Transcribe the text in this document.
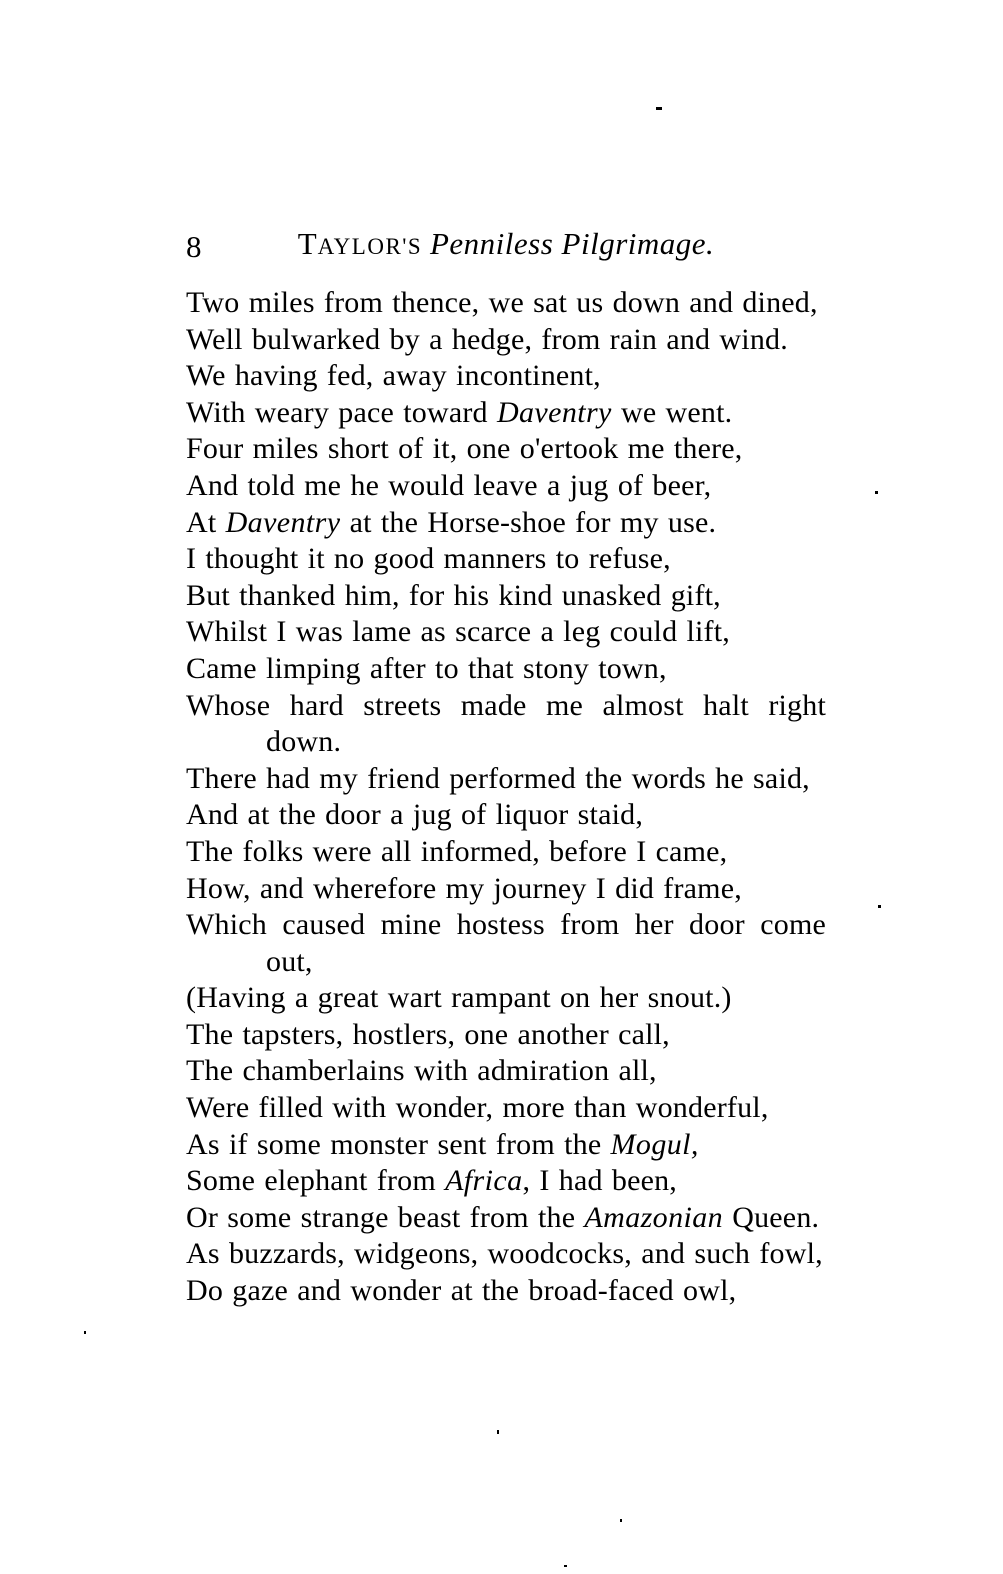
8	TAYLOR'S Penniless Pilgrimage.
Two miles from thence, we sat us down and dined,
Well bulwarked by a hedge, from rain and wind.
We having fed, away incontinent,
With weary pace toward Daventry we went.
Four miles short of it, one o'ertook me there,
And told me he would leave a jug of beer,
At Daventry at the Horse-shoe for my use.
I thought it no good manners to refuse,
But thanked him, for his kind unasked gift,
Whilst I was lame as scarce a leg could lift,
Came limping after to that stony town,
Whose hard streets made me almost halt right
down.
There had my friend performed the words he said,
And at the door a jug of liquor staid,
The folks were all informed, before I came,
How, and wherefore my journey I did frame,
Which caused mine hostess from her door come
out,
(Having a great wart rampant on her snout.)
The tapsters, hostlers, one another call,
The chamberlains with admiration all,
Were filled with wonder, more than wonderful,
As if some monster sent from the Mogul,
Some elephant from Africa, I had been,
Or some strange beast from the Amazonian Queen.
As buzzards, widgeons, woodcocks, and such fowl,
Do gaze and wonder at the broad-faced owl,
